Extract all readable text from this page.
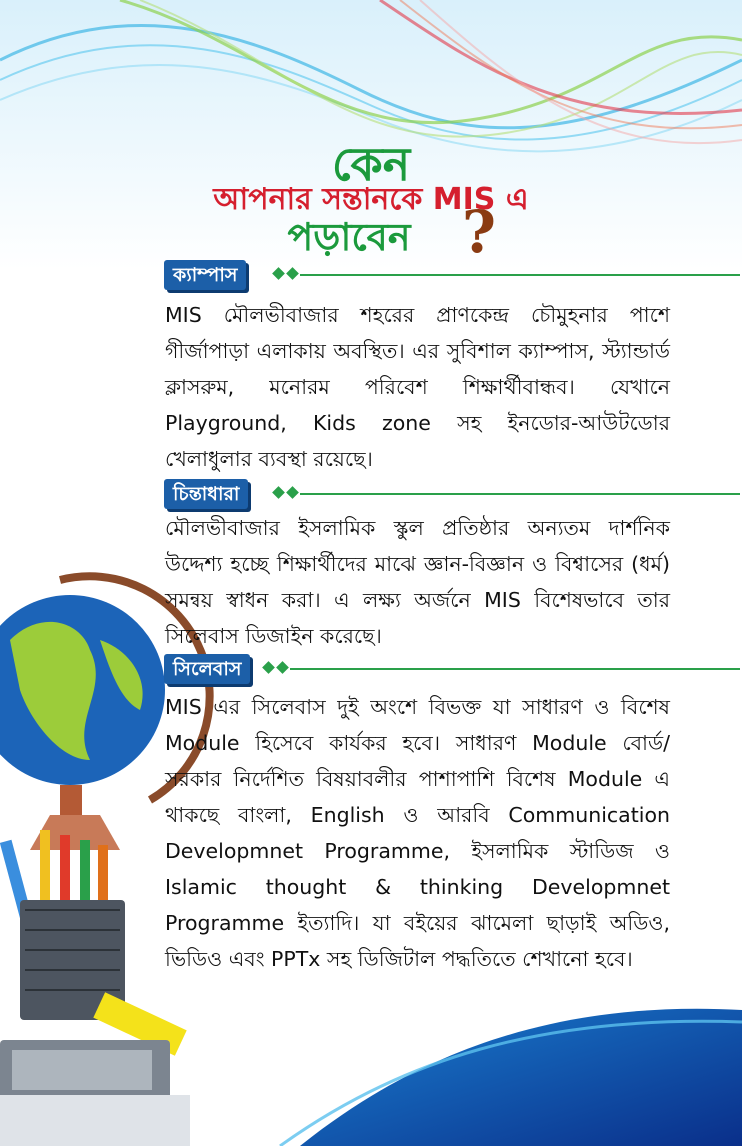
কেন
আপনার সন্তানকে MIS এ
পড়াবেন ?
ক্যাম্পাস
MIS মৌলভীবাজার শহরের প্রাণকেন্দ্র চৌমুহনার পাশে গীর্জাপাড়া এলাকায় অবস্থিত। এর সুবিশাল ক্যাম্পাস, স্ট্যান্ডার্ড ক্লাসরুম, মনোরম পরিবেশ শিক্ষার্থীবান্ধব। যেখানে Playground, Kids zone সহ ইনডোর-আউটডোর খেলাধুলার ব্যবস্থা রয়েছে।
চিন্তাধারা
মৌলভীবাজার ইসলামিক স্কুল প্রতিষ্ঠার অন্যতম দার্শনিক উদ্দেশ্য হচ্ছে শিক্ষার্থীদের মাঝে জ্ঞান-বিজ্ঞান ও বিশ্বাসের (ধর্ম) সমন্বয় স্বাধন করা। এ লক্ষ্য অর্জনে MIS বিশেষভাবে তার সিলেবাস ডিজাইন করেছে।
সিলেবাস
MIS এর সিলেবাস দুই অংশে বিভক্ত যা সাধারণ ও বিশেষ Module হিসেবে কার্যকর হবে। সাধারণ Module বোর্ড/সরকার নির্দেশিত বিষয়াবলীর পাশাপাশি বিশেষ Module এ থাকছে বাংলা, English ও আরবি Communication Developmnet Programme, ইসলামিক স্টাডিজ ও Islamic thought & thinking Developmnet Programme ইত্যাদি। যা বইয়ের ঝামেলা ছাড়াই অডিও, ভিডিও এবং PPTx সহ ডিজিটাল পদ্ধতিতে শেখানো হবে।
